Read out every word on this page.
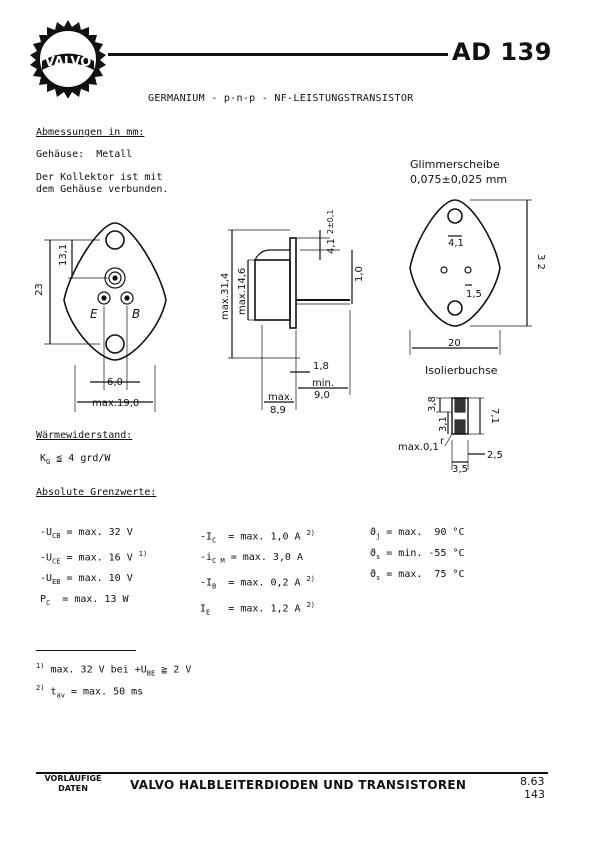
VALVO	AD 139
GERMANIUM - p-n-p - NF-LEISTUNGSTRANSISTOR
Abmessungen in mm:
Gehäuse:  Metall
Der Kollektor ist mit
dem Gehäuse verbunden.
23
13,1
E	B
6,0
max.19,0
max.31,4 max.14,6
2±0,1
4,1
1,0
1,8
min.
9,0
max.
8,9
4,1
3 2
1,5
20
3,8
3,1
7,1
max.0,1
r
3,5
2,5
Glimmerscheibe
0,075±0,025 mm
Isolierbuchse
Wärmewiderstand:
$K_G$ ≦ 4 grd/W
Absolute Grenzwerte:

$-U_{CB} = \max$. 32 V
$-U_{CE} = \max$. 16 V $^{1)}$
$-U_{EB} = \max$. 10 V
$P_C = \max$. 13 W

$-I_C = \max$. 1,0 A $^{2)}$
$-i_{C M} = \max$. 3,0 A
$-I_B = \max$. 0,2 A $^{2)}$
$I_E = \max$. 1,2 A $^{2)}$

$ϑ_j = \max$.  90 °C
$ϑ_s = \min$. -55 °C
$ϑ_s = \max$.  75 °C

$^{1)}$ max. 32 V bei $+U_{BE}$ ≧ 2 V
$^{2)}$ $t_{av} = \max$. 50 ms
VORLÄUFIGE
DATEN	VALVO HALBLEITERDIODEN UND TRANSISTOREN	8.63
143
